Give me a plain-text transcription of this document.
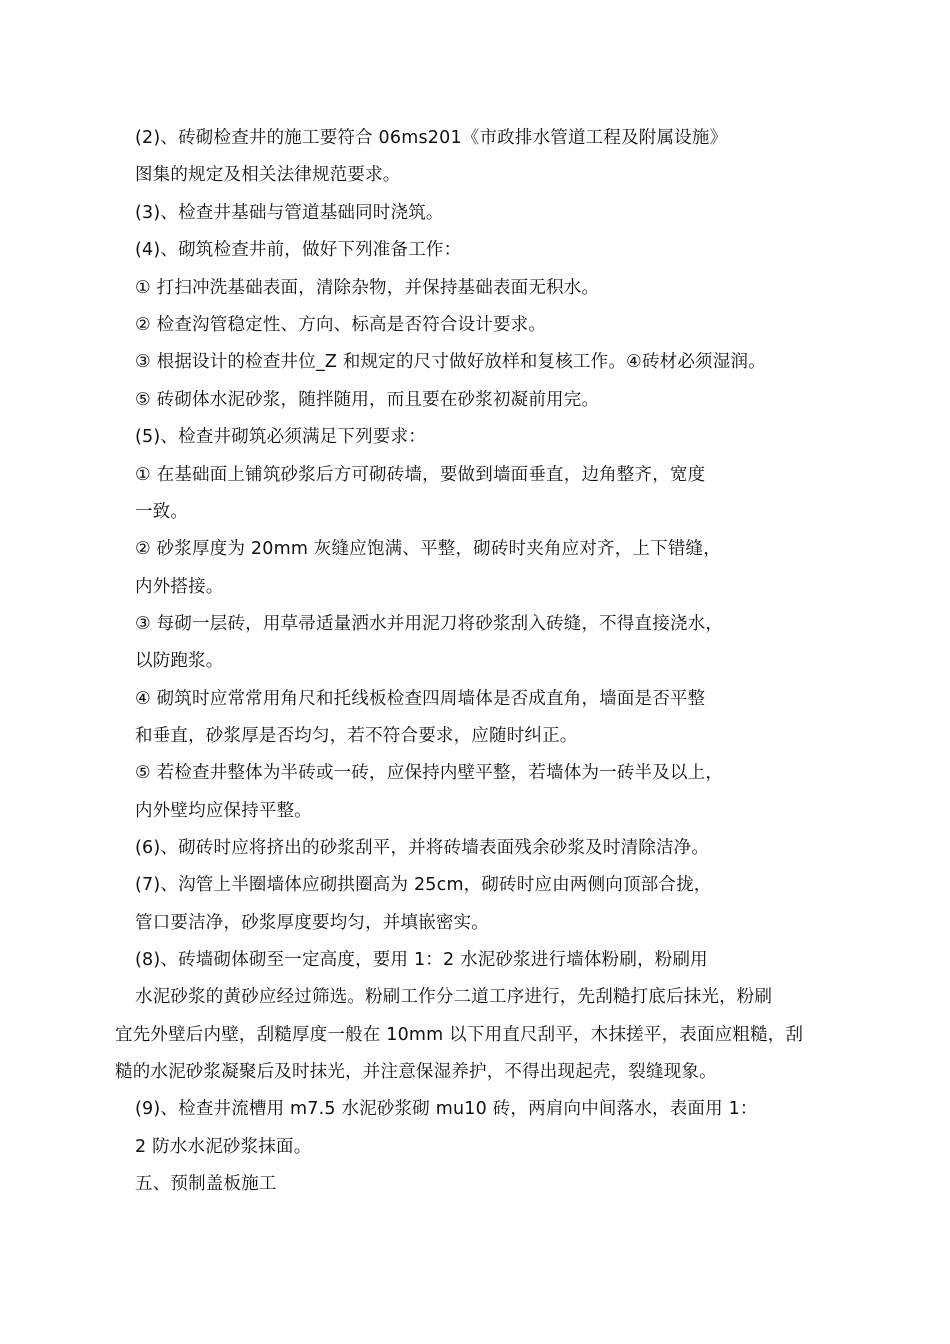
(2)、砖砌检查井的施工要符合 06ms201《市政排水管道工程及附属设施》
图集的规定及相关法律规范要求。
(3)、检查井基础与管道基础同时浇筑。
(4)、砌筑检查井前，做好下列准备工作：
① 打扫冲洗基础表面，清除杂物，并保持基础表面无积水。
② 检查沟管稳定性、方向、标高是否符合设计要求。
③ 根据设计的检查井位_Z 和规定的尺寸做好放样和复核工作。④砖材必须湿润。
⑤ 砖砌体水泥砂浆，随拌随用，而且要在砂浆初凝前用完。
(5)、检查井砌筑必须满足下列要求：
① 在基础面上铺筑砂浆后方可砌砖墙，要做到墙面垂直，边角整齐，宽度
一致。
② 砂浆厚度为 20mm 灰缝应饱满、平整，砌砖时夹角应对齐，上下错缝，
内外搭接。
③ 每砌一层砖，用草帚适量洒水并用泥刀将砂浆刮入砖缝，不得直接浇水，
以防跑浆。
④ 砌筑时应常常用角尺和托线板检查四周墙体是否成直角，墙面是否平整
和垂直，砂浆厚是否均匀，若不符合要求，应随时纠正。
⑤ 若检查井整体为半砖或一砖，应保持内壁平整，若墙体为一砖半及以上，
内外壁均应保持平整。
(6)、砌砖时应将挤出的砂浆刮平，并将砖墙表面残余砂浆及时清除洁净。
(7)、沟管上半圈墙体应砌拱圈高为 25cm，砌砖时应由两侧向顶部合拢，
管口要洁净，砂浆厚度要均匀，并填嵌密实。
(8)、砖墙砌体砌至一定高度，要用 1：2 水泥砂浆进行墙体粉刷，粉刷用
水泥砂浆的黄砂应经过筛选。粉刷工作分二道工序进行，先刮糙打底后抹光，粉刷
宜先外壁后内壁，刮糙厚度一般在 10mm 以下用直尺刮平，木抹搓平，表面应粗糙，刮
糙的水泥砂浆凝聚后及时抹光，并注意保湿养护，不得出现起壳，裂缝现象。
(9)、检查井流槽用 m7.5 水泥砂浆砌 mu10 砖，两肩向中间落水，表面用 1：
2 防水水泥砂浆抹面。
五、预制盖板施工
